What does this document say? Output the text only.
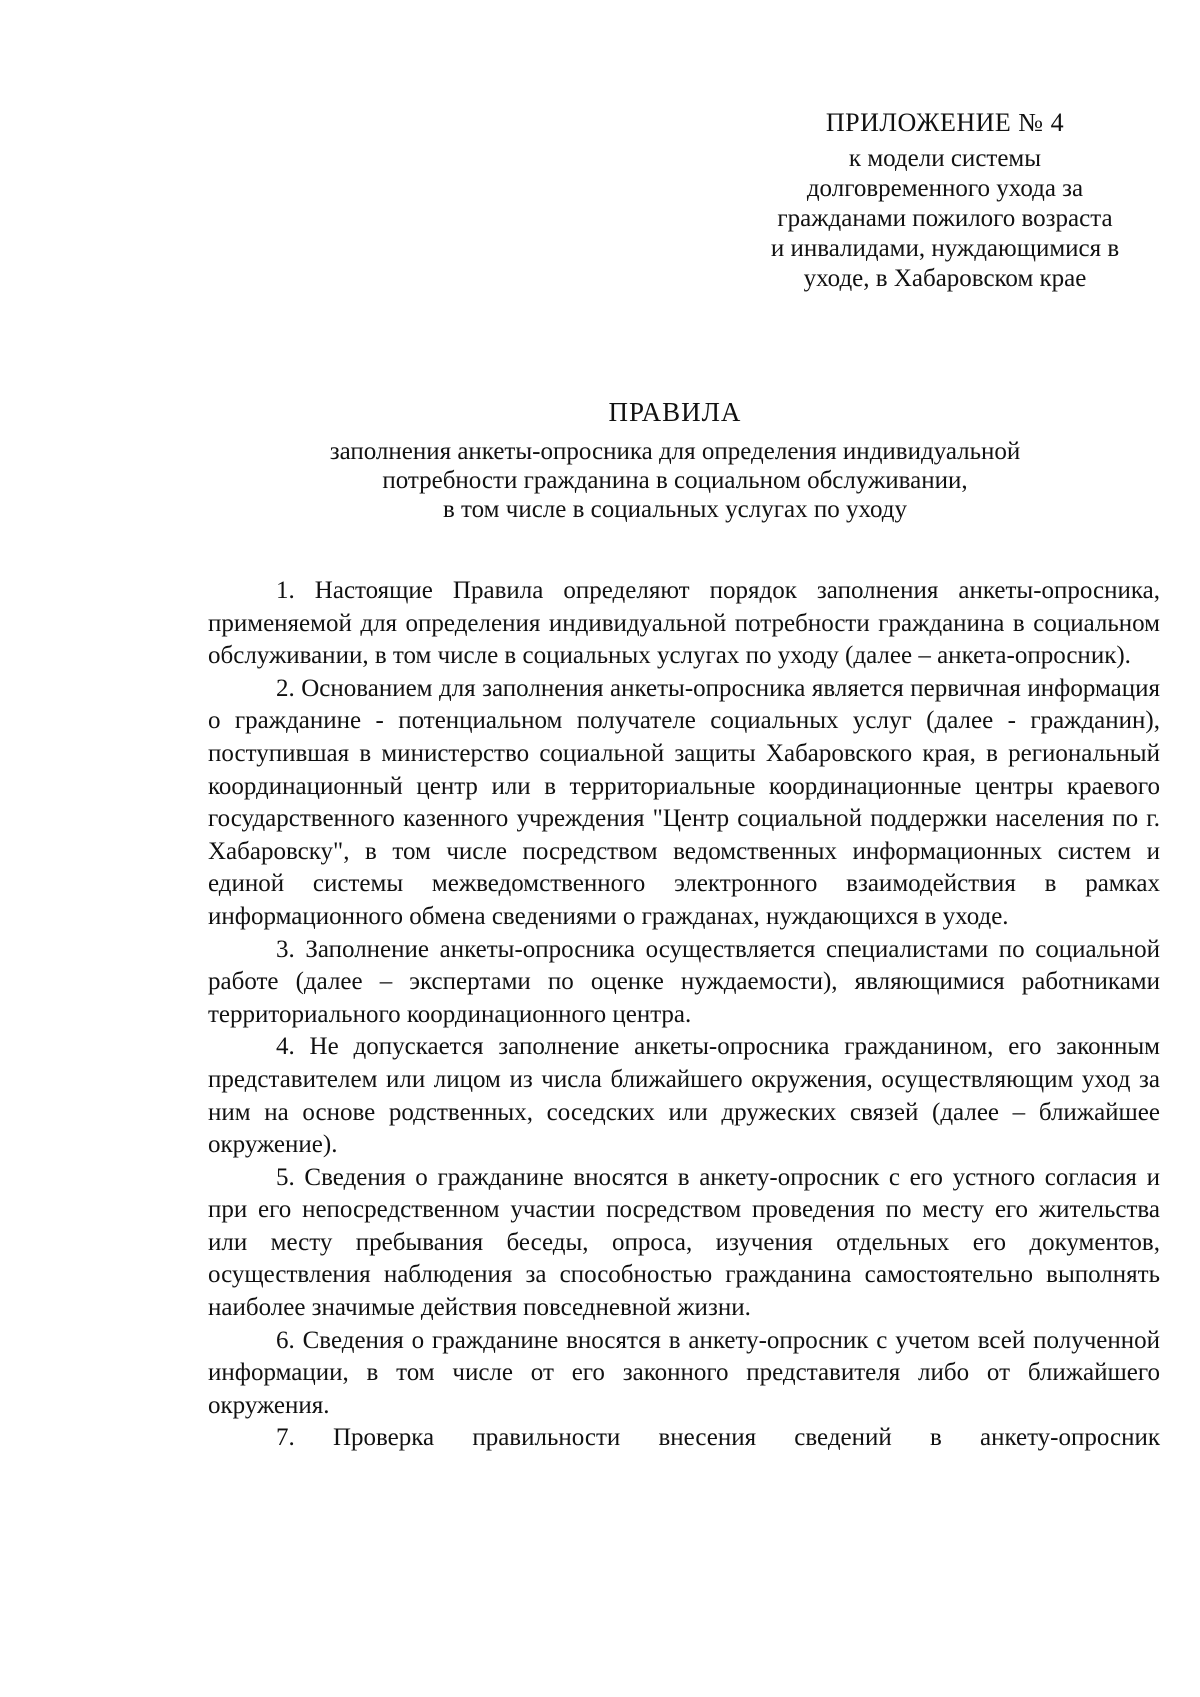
ПРИЛОЖЕНИЕ № 4
к модели системы
долговременного ухода за
гражданами пожилого возраста
и инвалидами, нуждающимися в
уходе, в Хабаровском крае
ПРАВИЛА
заполнения анкеты-опросника для определения индивидуальной
потребности гражданина в социальном обслуживании,
в том числе в социальных услугах по уходу

1. Настоящие Правила определяют порядок заполнения анкеты-опросника, применяемой для определения индивидуальной потребности гражданина в социальном обслуживании, в том числе в социальных услугах по уходу (далее – анкета-опросник).

2. Основанием для заполнения анкеты-опросника является первичная информация о гражданине - потенциальном получателе социальных услуг (далее - гражданин), поступившая в министерство социальной защиты Хабаровского края, в региональный координационный центр или в территориальные координационные центры краевого государственного казенного учреждения "Центр социальной поддержки населения по г. Хабаровску", в том числе посредством ведомственных информационных систем и единой системы межведомственного электронного взаимодействия в рамках информационного обмена сведениями о гражданах, нуждающихся в уходе.

3. Заполнение анкеты-опросника осуществляется специалистами по социальной работе (далее – экспертами по оценке нуждаемости), являющимися работниками территориального координационного центра.

4. Не допускается заполнение анкеты-опросника гражданином, его законным представителем или лицом из числа ближайшего окружения, осуществляющим уход за ним на основе родственных, соседских или дружеских связей (далее – ближайшее окружение).

5. Сведения о гражданине вносятся в анкету-опросник с его устного согласия и при его непосредственном участии посредством проведения по месту его жительства или месту пребывания беседы, опроса, изучения отдельных его документов, осуществления наблюдения за способностью гражданина самостоятельно выполнять наиболее значимые действия повседневной жизни.

6. Сведения о гражданине вносятся в анкету-опросник с учетом всей полученной информации, в том числе от его законного представителя либо от ближайшего окружения.

7. Проверка правильности внесения сведений в анкету-опросник
